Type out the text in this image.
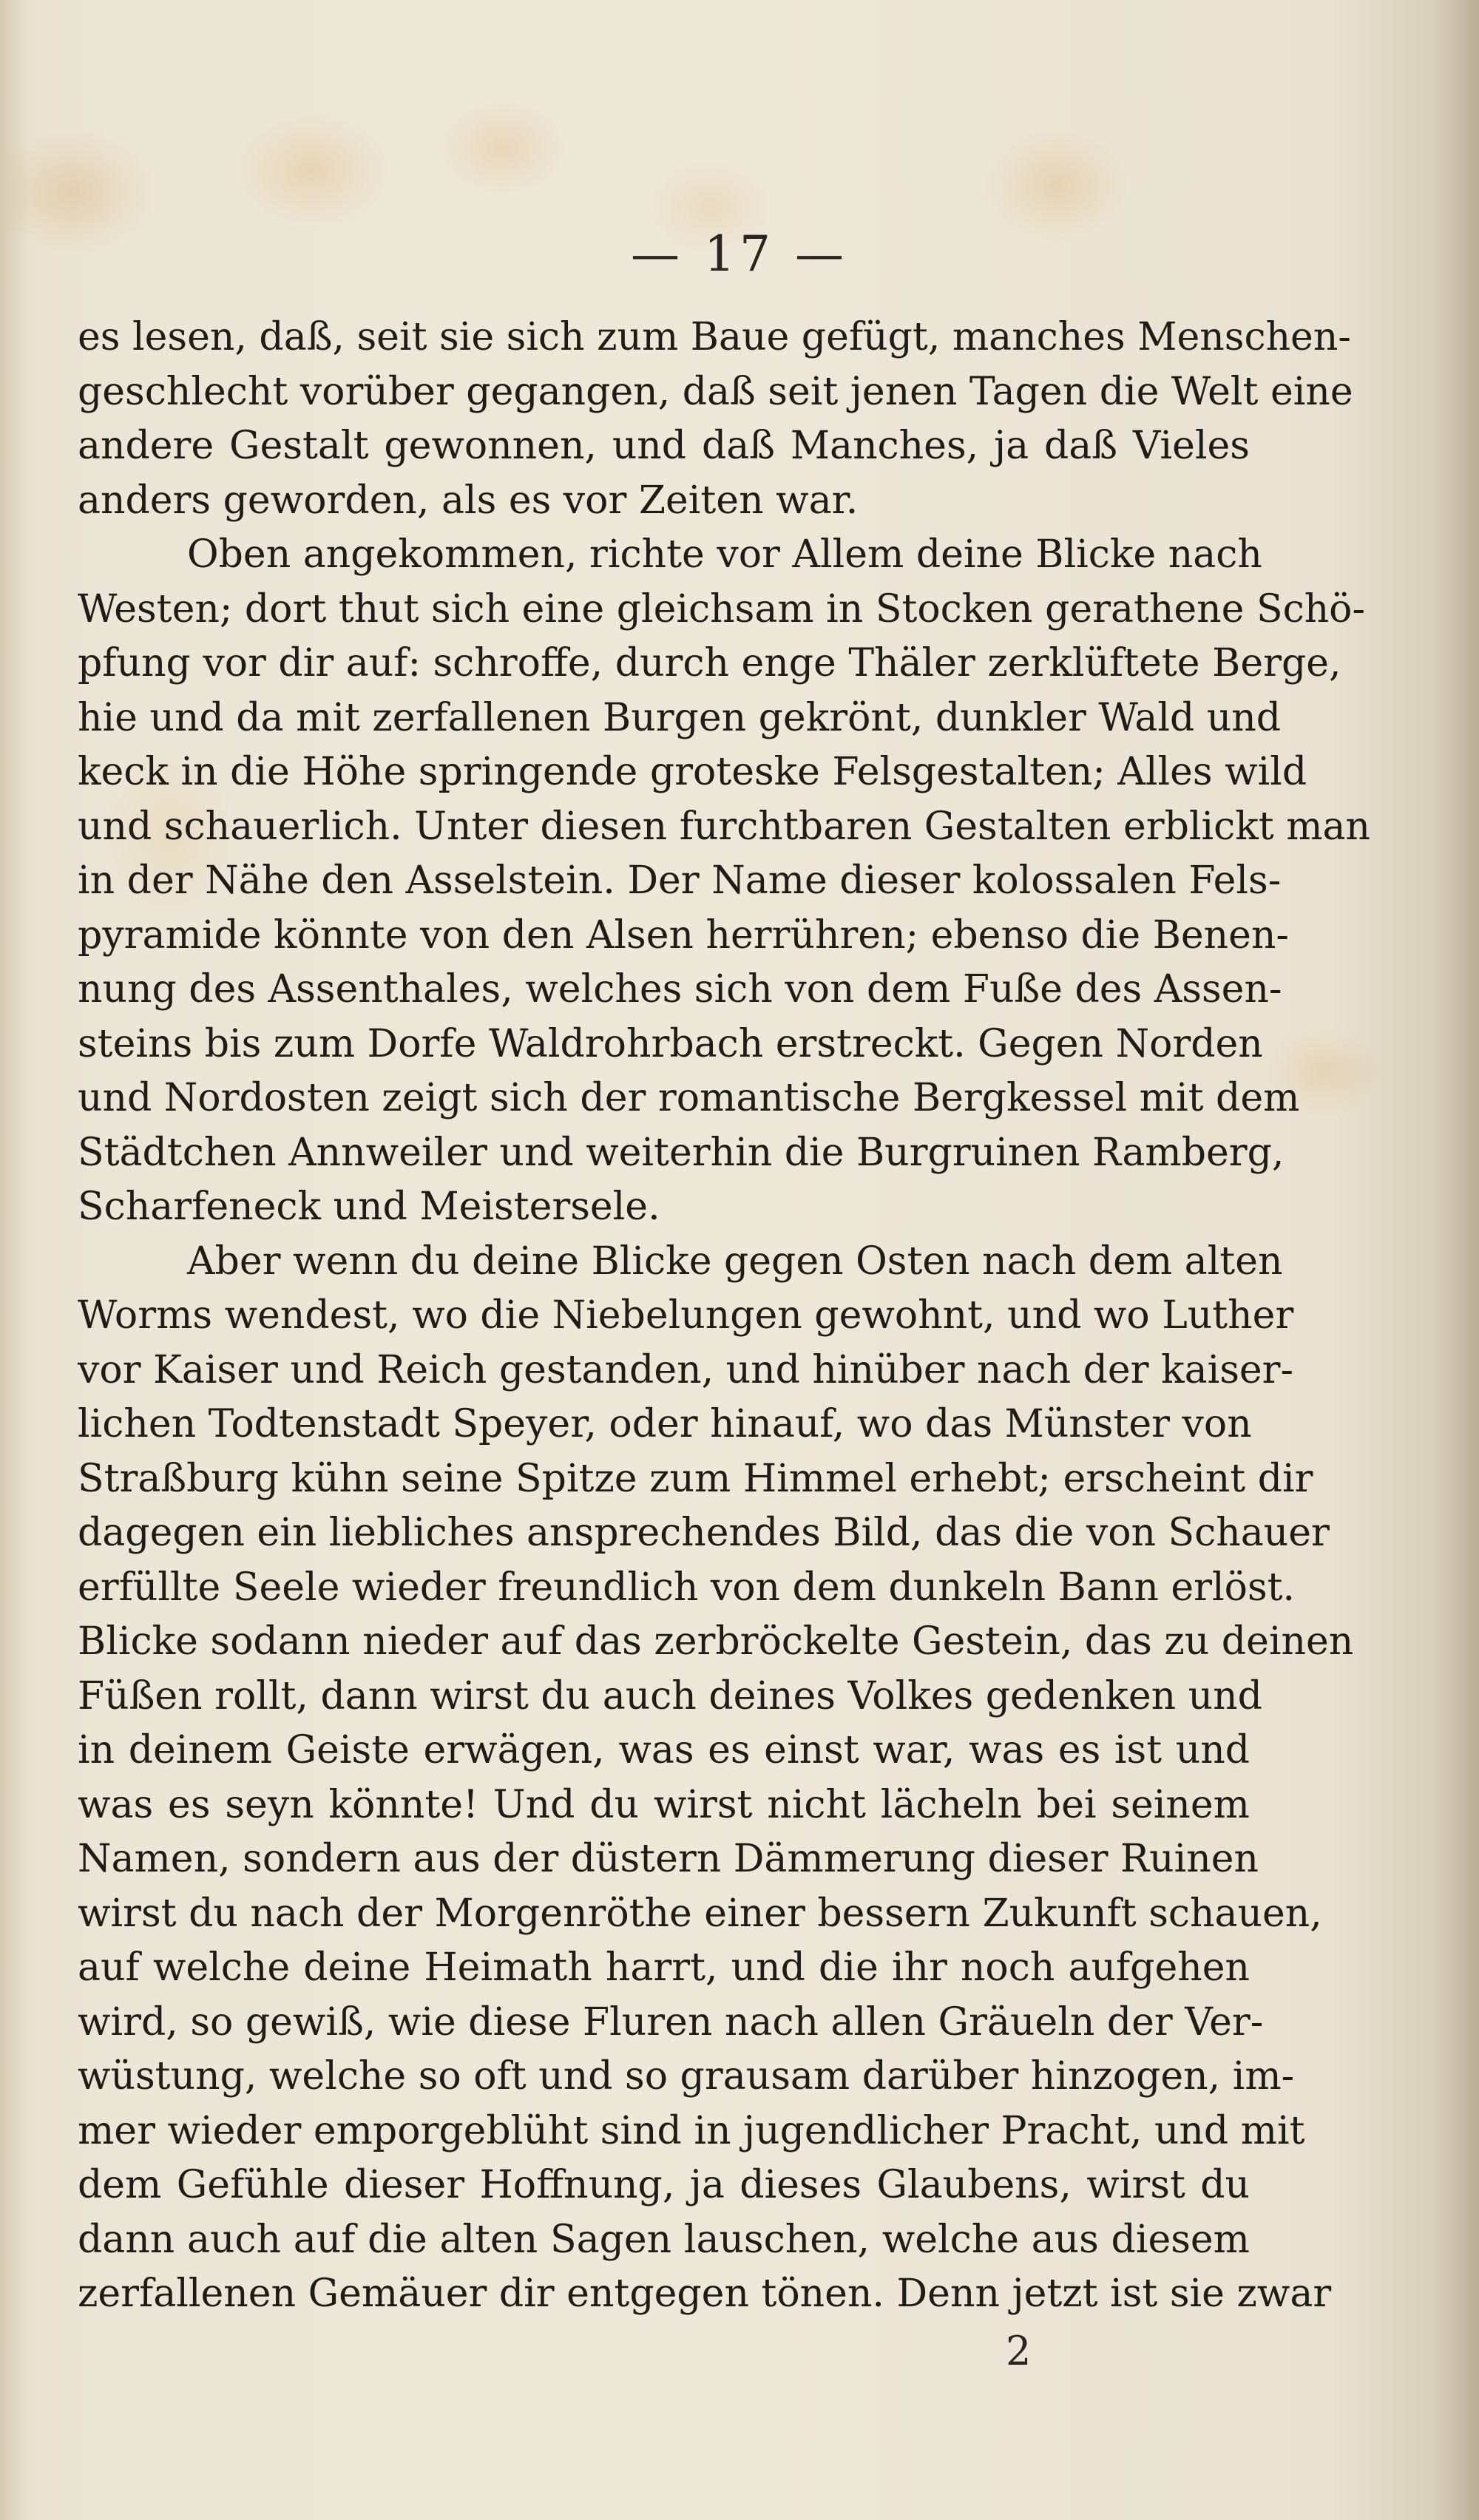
— 17 —
es lesen, daß, seit sie sich zum Baue gefügt, manches Menschen-
geschlecht vorüber gegangen, daß seit jenen Tagen die Welt eine
andere Gestalt gewonnen, und daß Manches, ja daß Vieles
anders geworden, als es vor Zeiten war.
Oben angekommen, richte vor Allem deine Blicke nach
Westen; dort thut sich eine gleichsam in Stocken gerathene Schö-
pfung vor dir auf: schroffe, durch enge Thäler zerklüftete Berge,
hie und da mit zerfallenen Burgen gekrönt, dunkler Wald und
keck in die Höhe springende groteske Felsgestalten; Alles wild
und schauerlich. Unter diesen furchtbaren Gestalten erblickt man
in der Nähe den Asselstein. Der Name dieser kolossalen Fels-
pyramide könnte von den Alsen herrühren; ebenso die Benen-
nung des Assenthales, welches sich von dem Fuße des Assen-
steins bis zum Dorfe Waldrohrbach erstreckt. Gegen Norden
und Nordosten zeigt sich der romantische Bergkessel mit dem
Städtchen Annweiler und weiterhin die Burgruinen Ramberg,
Scharfeneck und Meistersele.
Aber wenn du deine Blicke gegen Osten nach dem alten
Worms wendest, wo die Niebelungen gewohnt, und wo Luther
vor Kaiser und Reich gestanden, und hinüber nach der kaiser-
lichen Todtenstadt Speyer, oder hinauf, wo das Münster von
Straßburg kühn seine Spitze zum Himmel erhebt; erscheint dir
dagegen ein liebliches ansprechendes Bild, das die von Schauer
erfüllte Seele wieder freundlich von dem dunkeln Bann erlöst.
Blicke sodann nieder auf das zerbröckelte Gestein, das zu deinen
Füßen rollt, dann wirst du auch deines Volkes gedenken und
in deinem Geiste erwägen, was es einst war, was es ist und
was es seyn könnte! Und du wirst nicht lächeln bei seinem
Namen, sondern aus der düstern Dämmerung dieser Ruinen
wirst du nach der Morgenröthe einer bessern Zukunft schauen,
auf welche deine Heimath harrt, und die ihr noch aufgehen
wird, so gewiß, wie diese Fluren nach allen Gräueln der Ver-
wüstung, welche so oft und so grausam darüber hinzogen, im-
mer wieder emporgeblüht sind in jugendlicher Pracht, und mit
dem Gefühle dieser Hoffnung, ja dieses Glaubens, wirst du
dann auch auf die alten Sagen lauschen, welche aus diesem
zerfallenen Gemäuer dir entgegen tönen. Denn jetzt ist sie zwar
2
